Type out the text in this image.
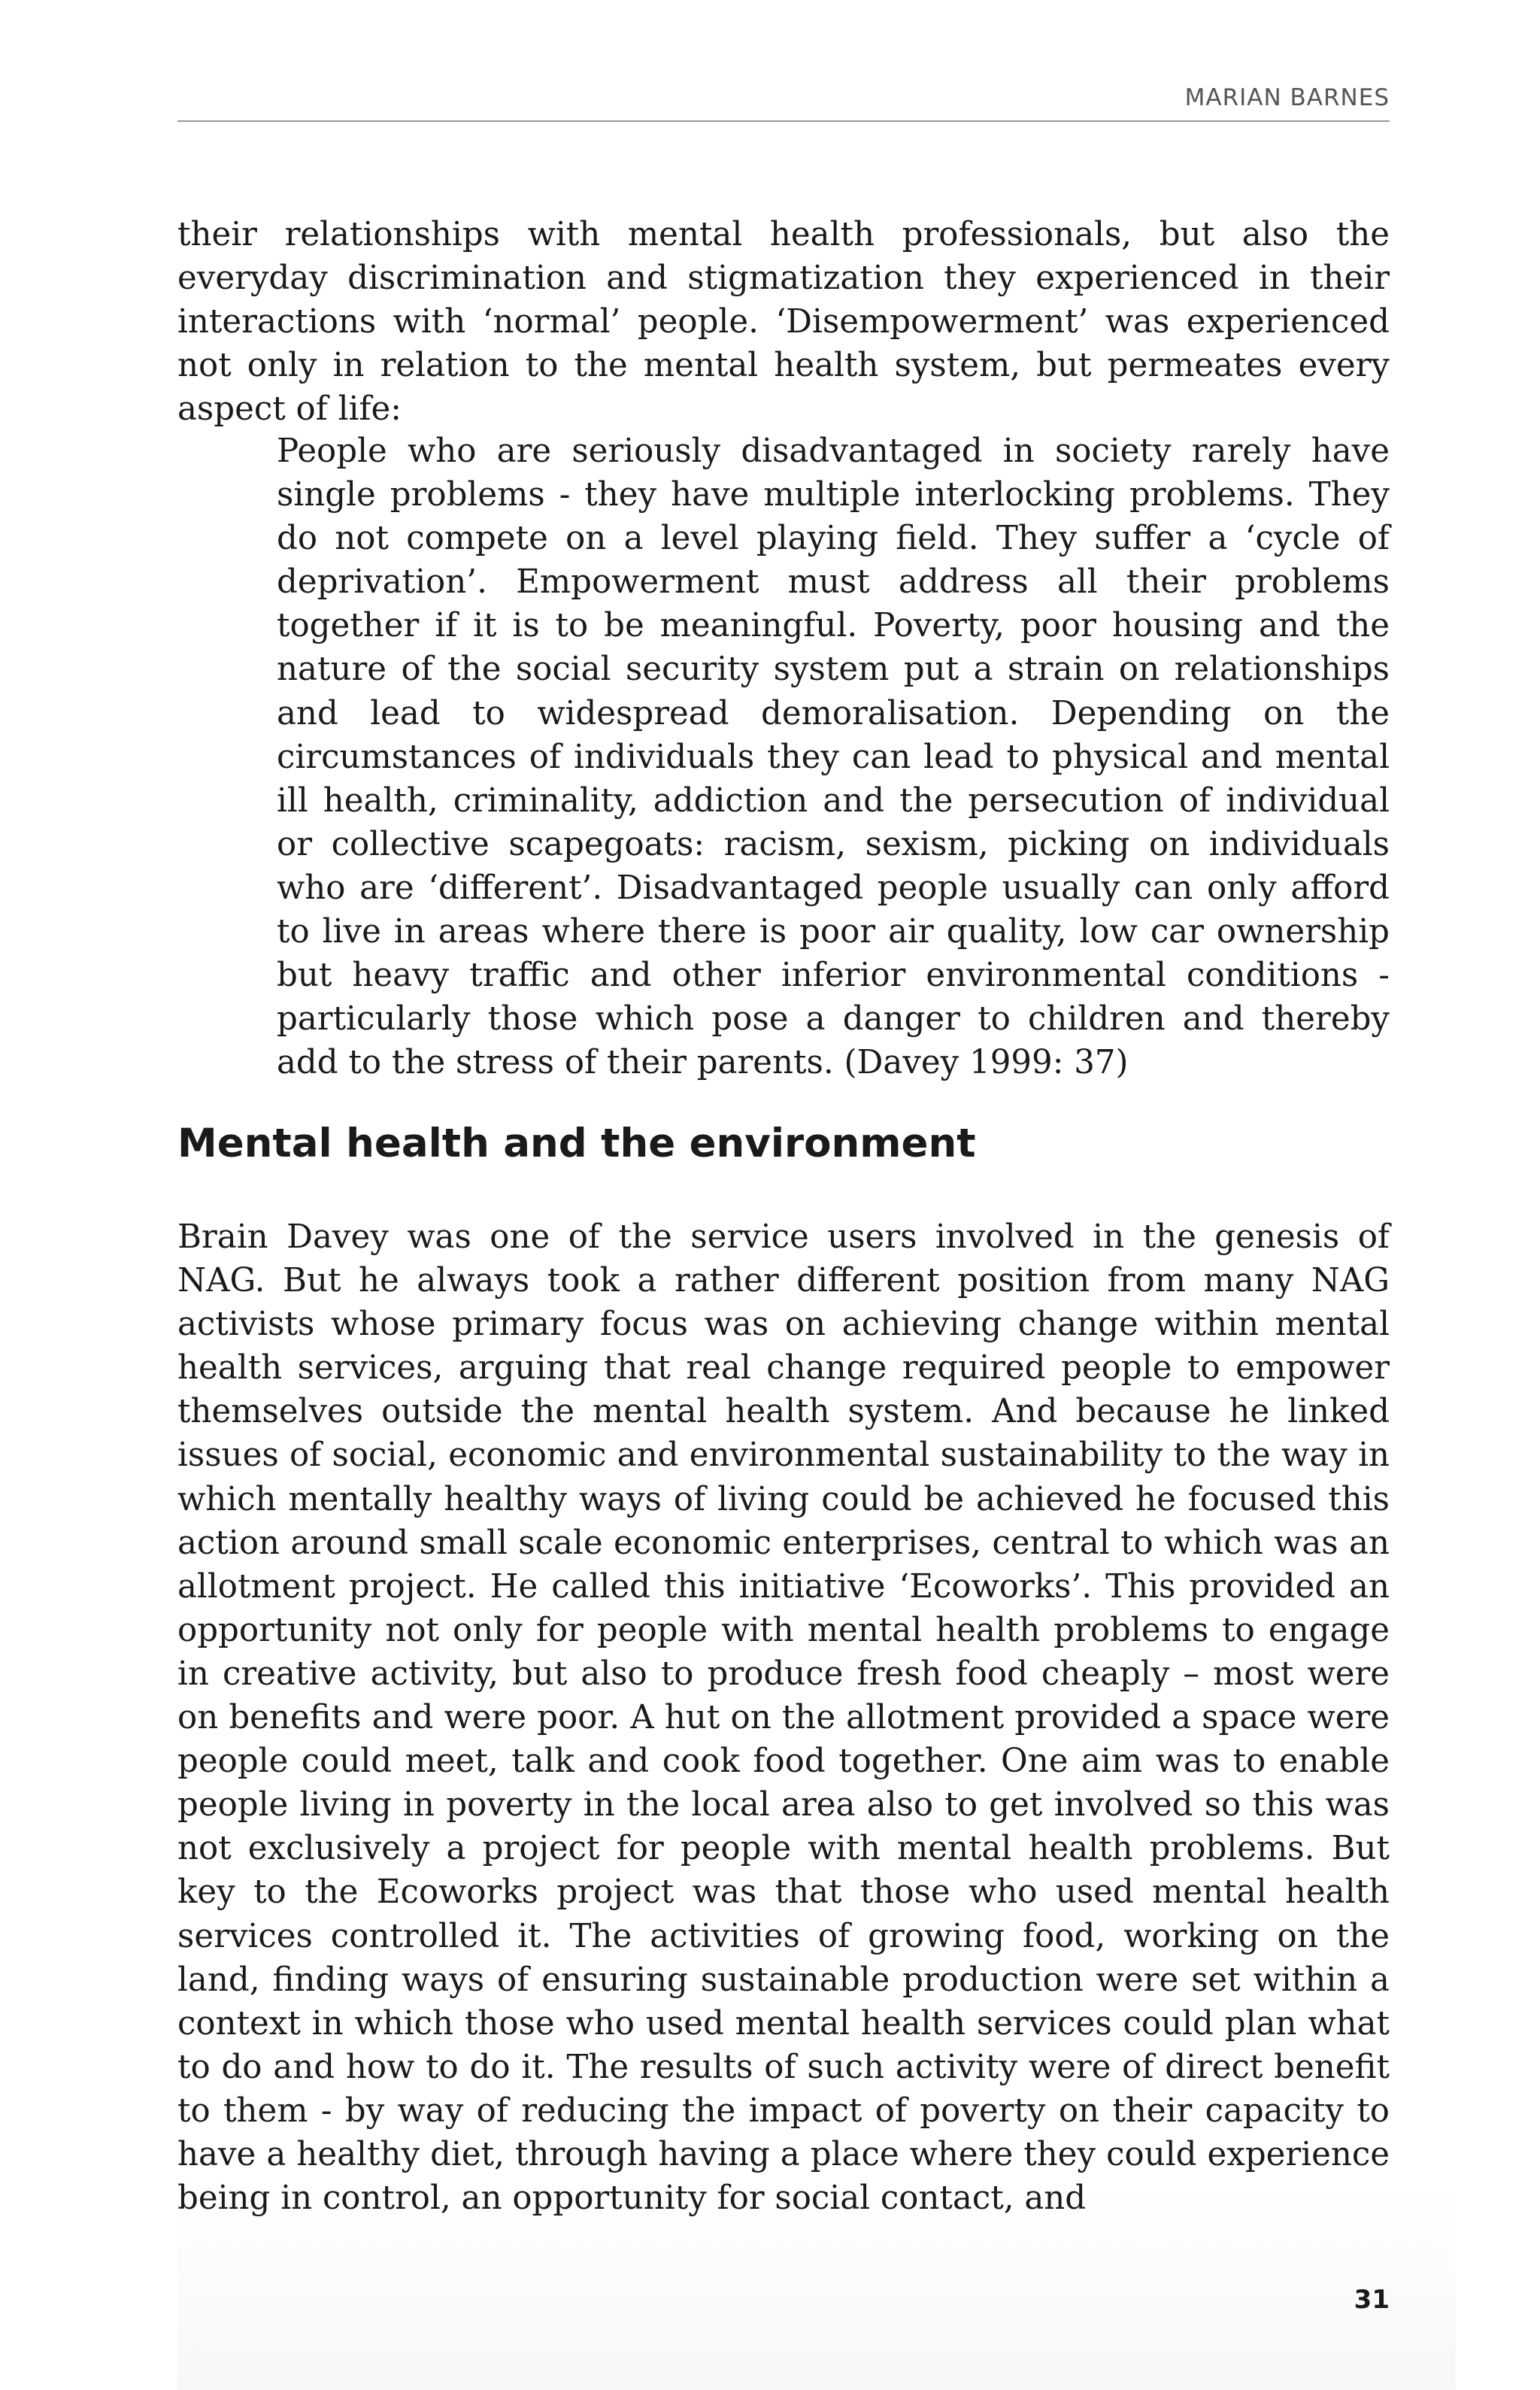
MARIAN BARNES

their relationships with mental health professionals, but also the everyday discrimination and stigmatization they experienced in their interactions with ‘normal’ people. ‘Disempowerment’ was experienced not only in relation to the mental health system, but permeates every aspect of life:

People who are seriously disadvantaged in society rarely have single problems - they have multiple interlocking problems. They do not compete on a level playing field. They suffer a ‘cycle of deprivation’. Empowerment must address all their problems together if it is to be meaningful. Poverty, poor housing and the nature of the social security system put a strain on relationships and lead to widespread demoralisation. Depending on the circumstances of individuals they can lead to physical and mental ill health, criminality, addiction and the persecution of individual or collective scapegoats: racism, sexism, picking on individuals who are ‘different’. Disadvantaged people usually can only afford to live in areas where there is poor air quality, low car ownership but heavy traffic and other inferior environmental conditions - particularly those which pose a danger to children and thereby add to the stress of their parents. (Davey 1999: 37)

Mental health and the environment

Brain Davey was one of the service users involved in the genesis of NAG. But he always took a rather different position from many NAG activists whose primary focus was on achieving change within mental health services, arguing that real change required people to empower themselves outside the mental health system. And because he linked issues of social, economic and environmental sustainability to the way in which mentally healthy ways of living could be achieved he focused this action around small scale economic enterprises, central to which was an allotment project. He called this initiative ‘Ecoworks’. This provided an opportunity not only for people with mental health problems to engage in creative activity, but also to produce fresh food cheaply – most were on benefits and were poor. A hut on the allotment provided a space were people could meet, talk and cook food together. One aim was to enable people living in poverty in the local area also to get involved so this was not exclusively a project for people with mental health problems. But key to the Ecoworks project was that those who used mental health services controlled it. The activities of growing food, working on the land, finding ways of ensuring sustainable production were set within a context in which those who used mental health services could plan what to do and how to do it. The results of such activity were of direct benefit to them - by way of reducing the impact of poverty on their capacity to have a healthy diet, through having a place where they could experience being in control, an opportunity for social contact, and

31
